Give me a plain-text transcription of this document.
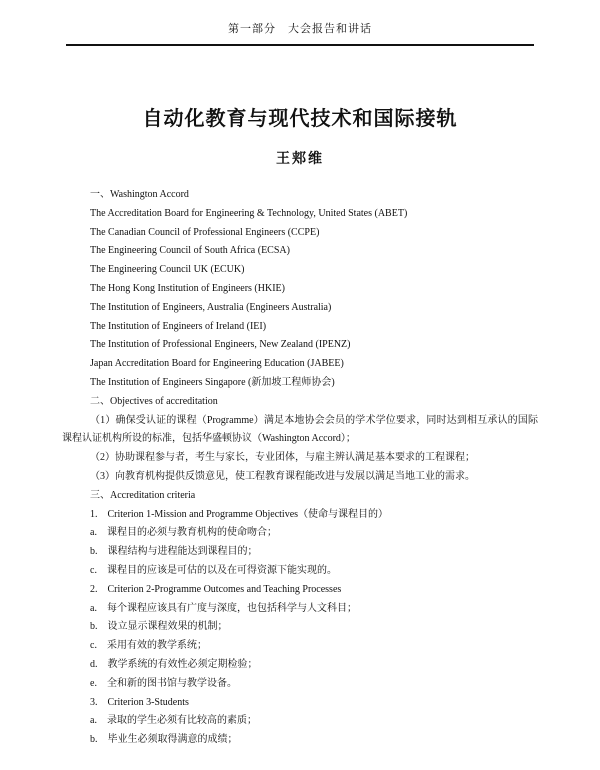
第一部分　大会报告和讲话
自动化教育与现代技术和国际接轨
王郏维
一、Washington Accord
The Accreditation Board for Engineering & Technology, United States (ABET)
The Canadian Council of Professional Engineers (CCPE)
The Engineering Council of South Africa (ECSA)
The Engineering Council UK (ECUK)
The Hong Kong Institution of Engineers (HKIE)
The Institution of Engineers, Australia (Engineers Australia)
The Institution of Engineers of Ireland (IEI)
The Institution of Professional Engineers, New Zealand (IPENZ)
Japan Accreditation Board for Engineering Education (JABEE)
The Institution of Engineers Singapore (新加坡工程师协会)
二、Objectives of accreditation
（1）确保受认证的课程（Programme）满足本地协会会员的学术学位要求，同时达到相互承认的国际课程认证机构所设的标准，包括华盛顿协议（Washington Accord）；
（2）协助课程参与者，考生与家长，专业团体，与雇主辨认满足基本要求的工程课程；
（3）向教育机构提供反馈意见，使工程教育课程能改进与发展以满足当地工业的需求。
三、Accreditation criteria
1.　Criterion 1-Mission and Programme Objectives（使命与课程目的）
a.　课程目的必须与教育机构的使命吻合；
b.　课程结构与进程能达到课程目的；
c.　课程目的应该是可估的以及在可得资源下能实现的。
2.　Criterion 2-Programme Outcomes and Teaching Processes
a.　每个课程应该具有广度与深度，也包括科学与人文科目；
b.　设立显示课程效果的机制；
c.　采用有效的教学系统；
d.　教学系统的有效性必须定期检验；
e.　全和新的图书馆与教学设备。
3.　Criterion 3-Students
a.　录取的学生必须有比较高的素质；
b.　毕业生必须取得满意的成绩；
